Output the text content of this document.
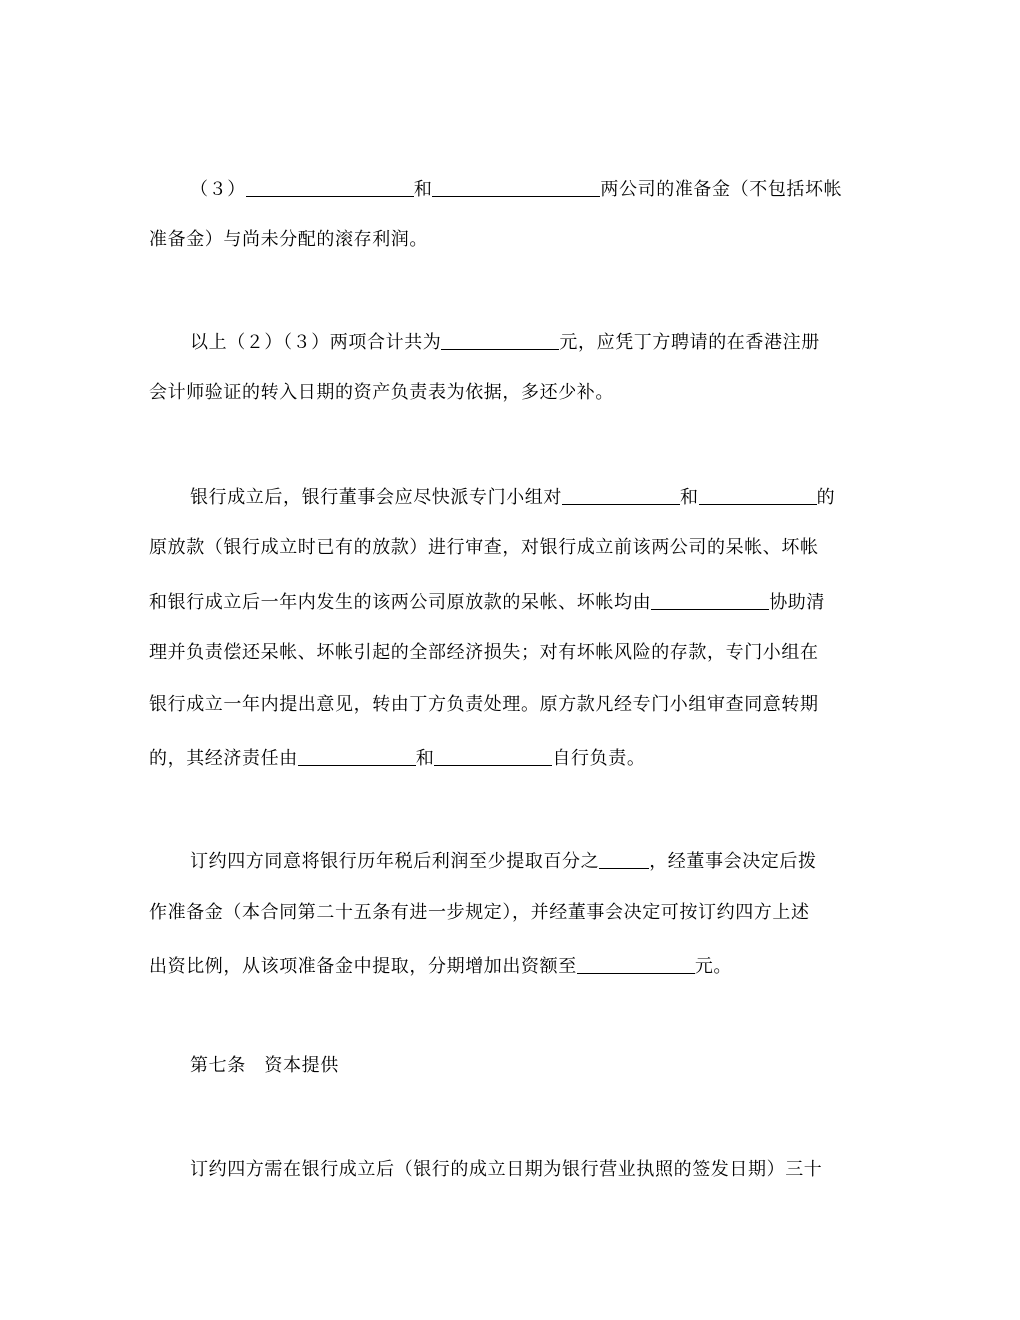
（３）	和	两公司的准备金（不包括坏帐
准备金）与尚未分配的滚存利润。
以上（２）（３）两项合计共为	元，应凭丁方聘请的在香港注册
会计师验证的转入日期的资产负责表为依据，多还少补。
银行成立后，银行董事会应尽快派专门小组对	和	的
原放款（银行成立时已有的放款）进行审查，对银行成立前该两公司的呆帐、坏帐
和银行成立后一年内发生的该两公司原放款的呆帐、坏帐均由	协助清
理并负责偿还呆帐、坏帐引起的全部经济损失；对有坏帐风险的存款，专门小组在
银行成立一年内提出意见，转由丁方负责处理。原方款凡经专门小组审查同意转期
的，其经济责任由	和	自行负责。
订约四方同意将银行历年税后利润至少提取百分之	，经董事会决定后拨
作准备金（本合同第二十五条有进一步规定），并经董事会决定可按订约四方上述
出资比例，从该项准备金中提取，分期增加出资额至	元。
第七条　资本提供
订约四方需在银行成立后（银行的成立日期为银行营业执照的签发日期）三十
